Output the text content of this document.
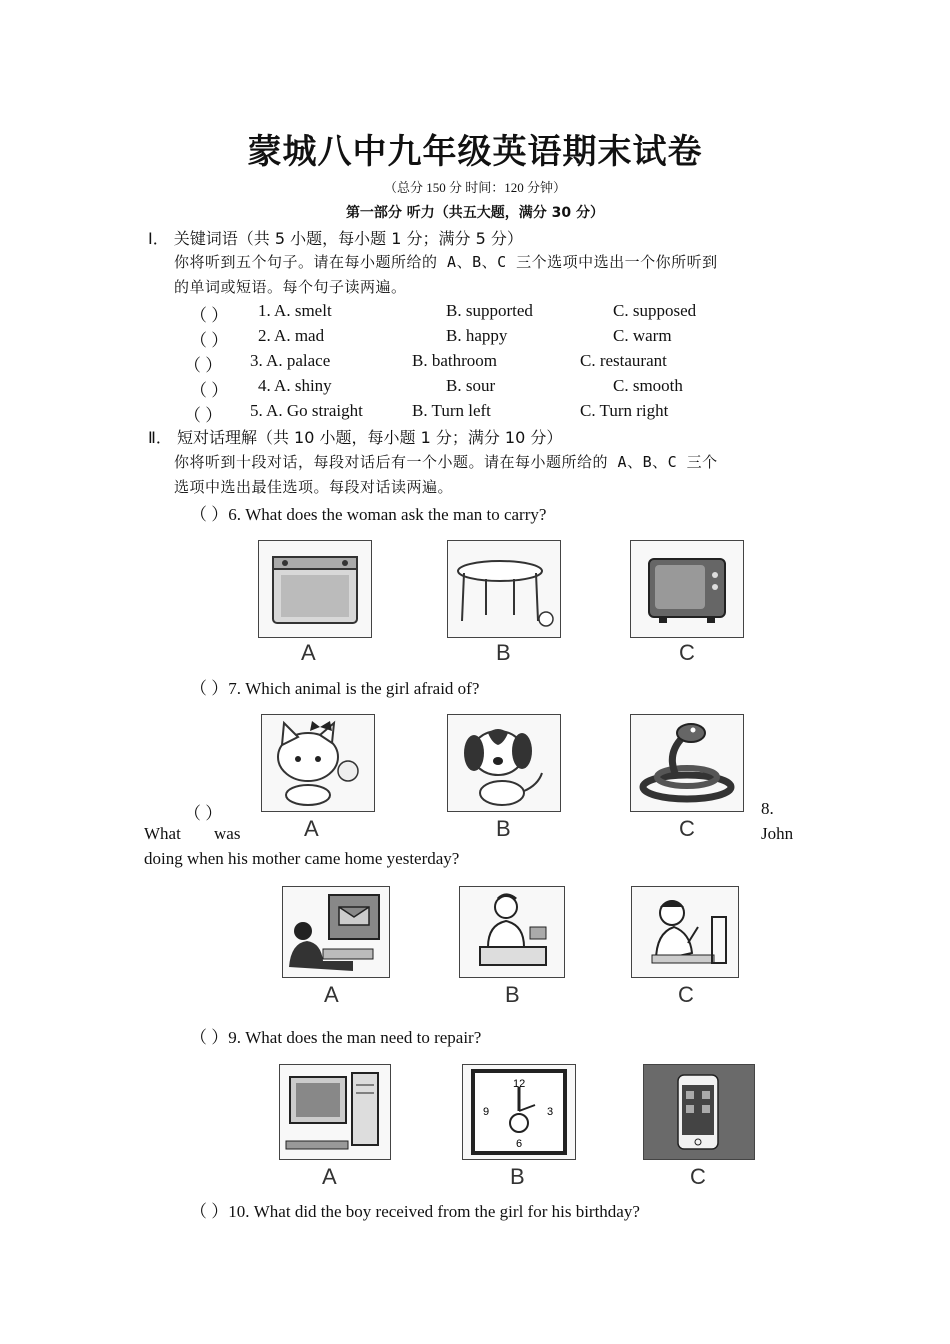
蒙城八中九年级英语期末试卷
（总分 150 分 时间：120 分钟）
第一部分 听力（共五大题，满分 30 分）
Ⅰ． 关键词语（共 5 小题，每小题 1 分；满分 5 分）
你将听到五个句子。请在每小题所给的 A、B、C 三个选项中选出一个你所听到
的单词或短语。每个句子读两遍。
（ ） 1. A. smelt	B. supported	C. supposed
（ ） 2. A. mad	B. happy	C. warm
（ ） 3. A. palace	B. bathroom	C. restaurant
（ ） 4. A. shiny	B. sour	C. smooth
（ ） 5. A. Go straight	B. Turn left	C. Turn right
Ⅱ． 短对话理解（共 10 小题，每小题 1 分；满分 10 分）
你将听到十段对话，每段对话后有一个小题。请在每小题所给的 A、B、C 三个
选项中选出最佳选项。每段对话读两遍。
（ ）6. What does the woman ask the man to carry?
A	B	C
（ ）7. Which animal is the girl afraid of?
A	B	C
（ ）	8.
What was	John
doing when his mother came home yesterday?
A	B	C
（ ）9. What does the man need to repair?
A
12
3
6
9
B	C
（ ）10. What did the boy received from the girl for his birthday?
